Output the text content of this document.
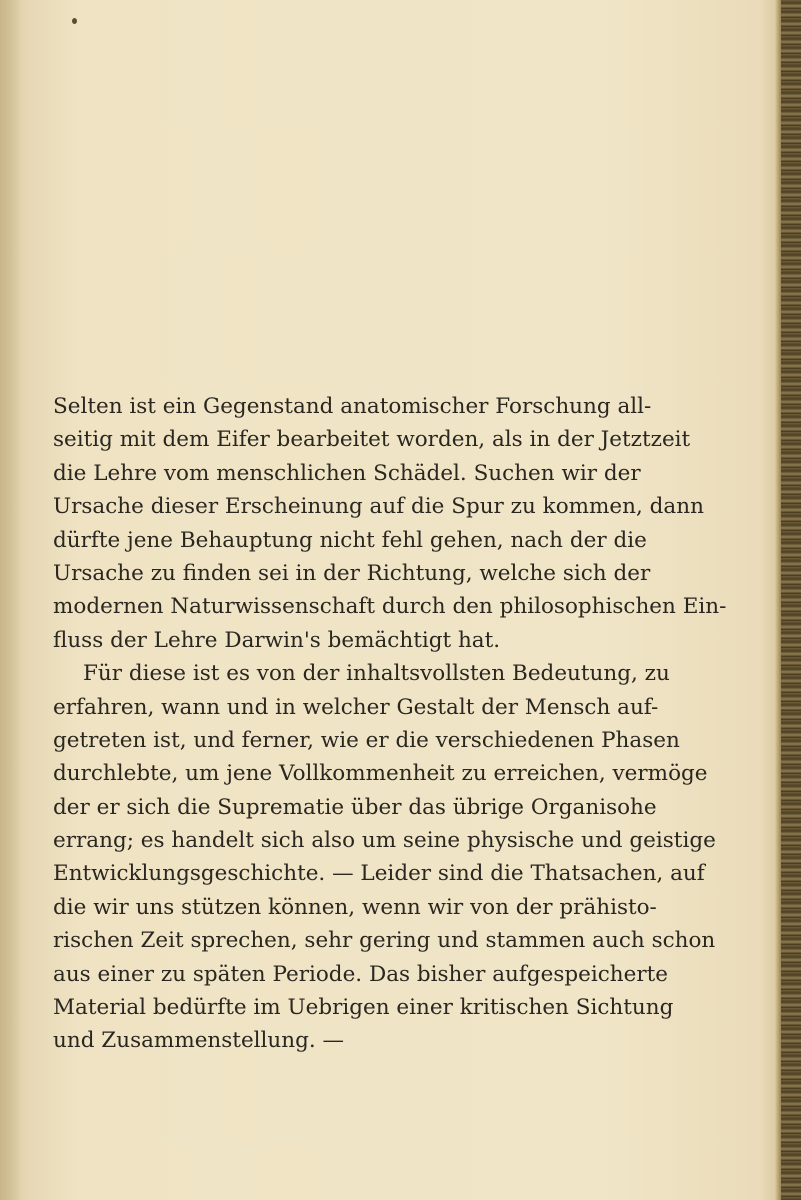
Selten ist ein Gegenstand anatomischer Forschung all-
seitig mit dem Eifer bearbeitet worden, als in der Jetztzeit
die Lehre vom menschlichen Schädel. Suchen wir der
Ursache dieser Erscheinung auf die Spur zu kommen, dann
dürfte jene Behauptung nicht fehl gehen, nach der die
Ursache zu finden sei in der Richtung, welche sich der
modernen Naturwissenschaft durch den philosophischen Ein-
fluss der Lehre Darwin's bemächtigt hat.
Für diese ist es von der inhaltsvollsten Bedeutung, zu
erfahren, wann und in welcher Gestalt der Mensch auf-
getreten ist, und ferner, wie er die verschiedenen Phasen
durchlebte, um jene Vollkommenheit zu erreichen, vermöge
der er sich die Suprematie über das übrige Organisohe
errang; es handelt sich also um seine physische und geistige
Entwicklungsgeschichte. — Leider sind die Thatsachen, auf
die wir uns stützen können, wenn wir von der prähisto-
rischen Zeit sprechen, sehr gering und stammen auch schon
aus einer zu späten Periode. Das bisher aufgespeicherte
Material bedürfte im Uebrigen einer kritischen Sichtung
und Zusammenstellung. —
